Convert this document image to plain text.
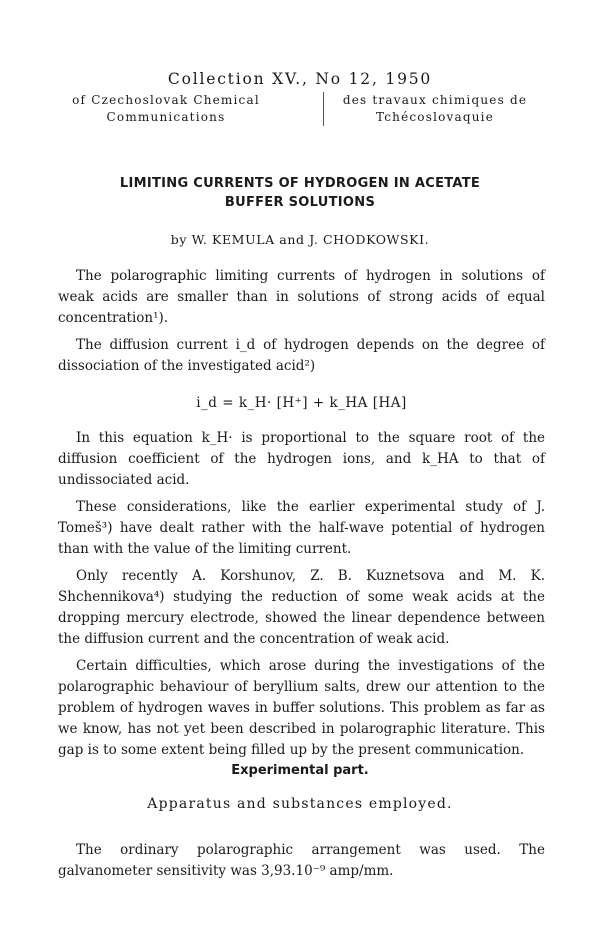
Collection XV., No 12, 1950
of Czechoslovak Chemical
Communications
des travaux chimiques de
Tchécoslovaquie
LIMITING CURRENTS OF HYDROGEN IN ACETATE
BUFFER SOLUTIONS
by W. KEMULA and J. CHODKOWSKI.

The polarographic limiting currents of hydrogen in solutions of weak acids are smaller than in solutions of strong acids of equal concentration¹).

The diffusion current i_d of hydrogen depends on the degree of dissociation of the investigated acid²)

i_d = k_H· [H⁺] + k_HA [HA]

In this equation k_H· is proportional to the square root of the diffusion coefficient of the hydrogen ions, and k_HA to that of undissociated acid.

These considerations, like the earlier experimental study of J. Tomeš³) have dealt rather with the half-wave potential of hydrogen than with the value of the limiting current.

Only recently A. Korshunov, Z. B. Kuznetsova and M. K. Shchennikova⁴) studying the reduction of some weak acids at the dropping mercury electrode, showed the linear dependence between the diffusion current and the concentration of weak acid.

Certain difficulties, which arose during the investigations of the polarographic behaviour of beryllium salts, drew our attention to the problem of hydrogen waves in buffer solutions. This problem as far as we know, has not yet been described in polarographic literature. This gap is to some extent being filled up by the present communication.

Experimental part.
Apparatus and substances employed.

The ordinary polarographic arrangement was used. The galvanometer sensitivity was 3,93.10⁻⁹ amp/mm.
